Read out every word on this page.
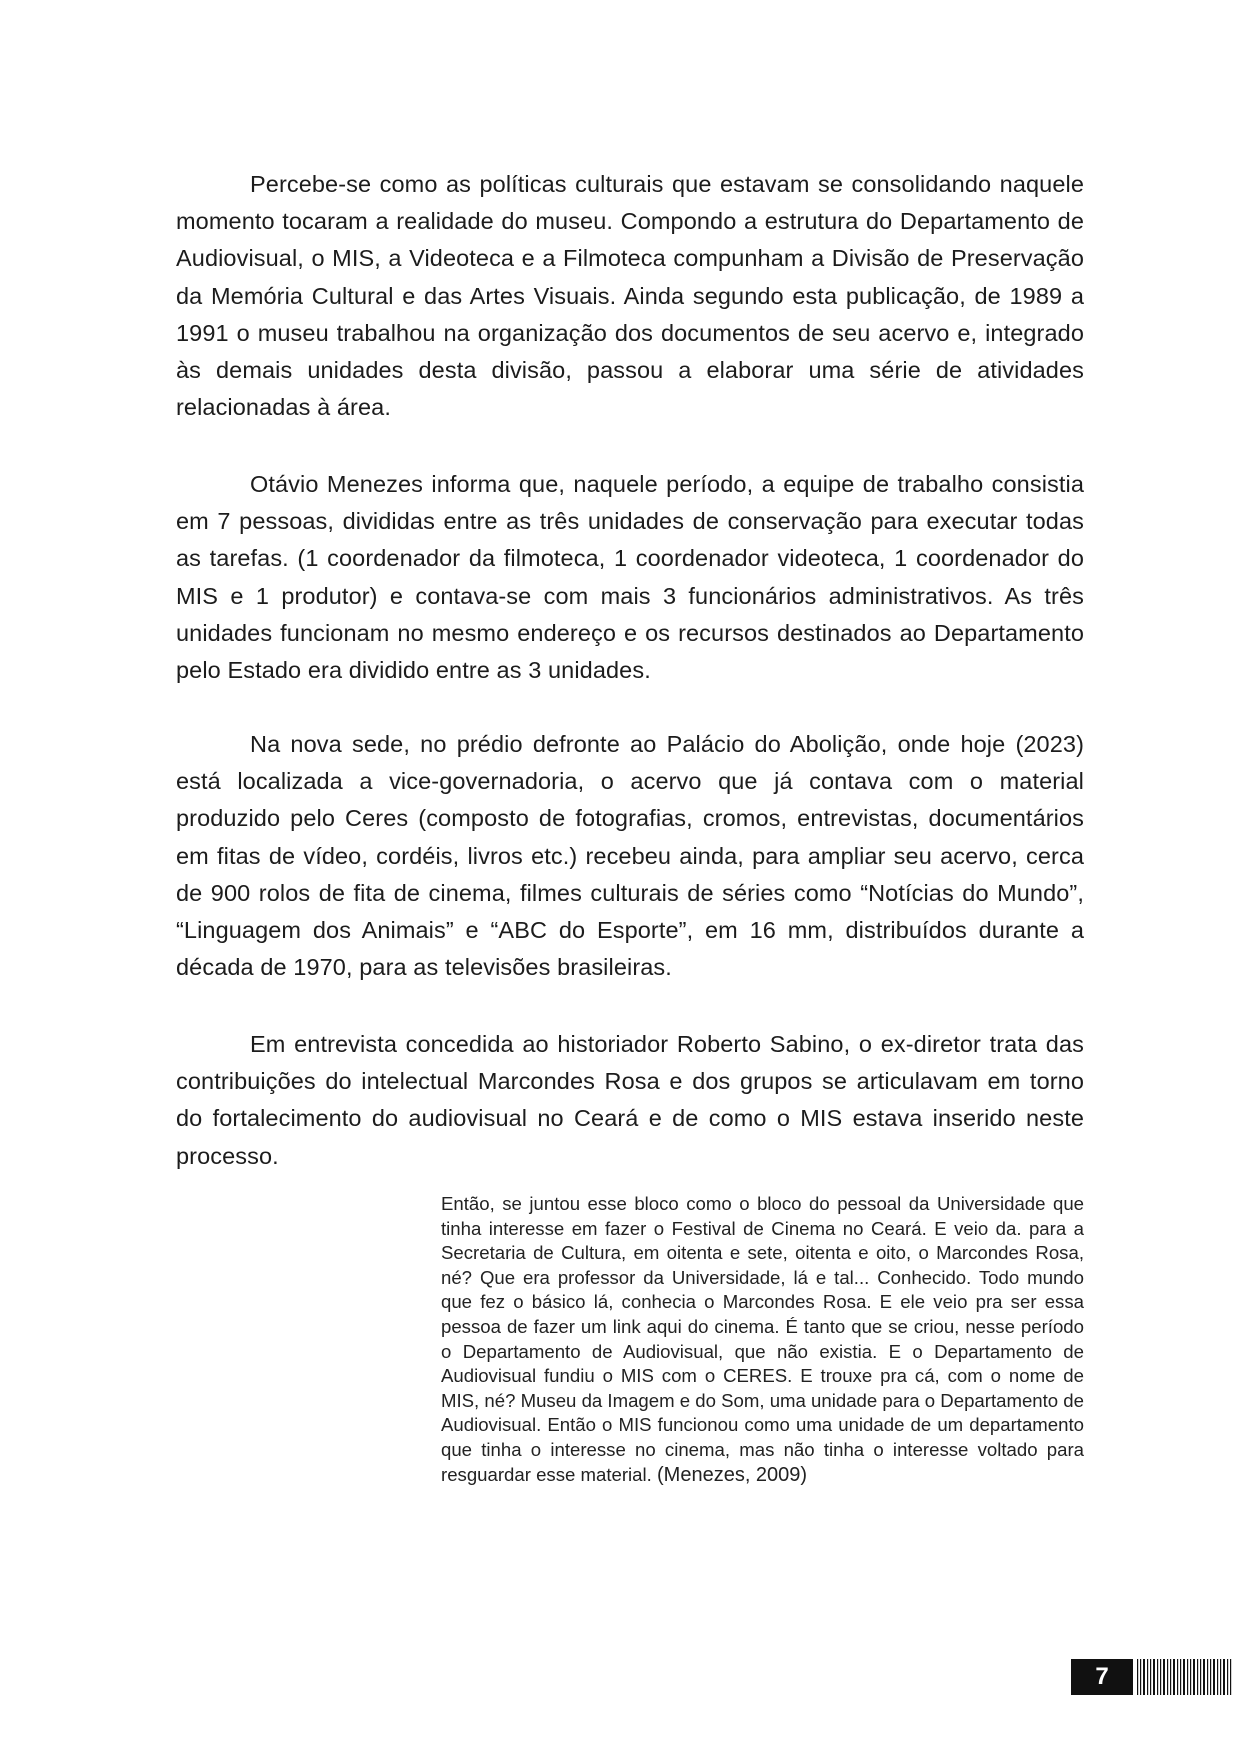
Percebe-se como as políticas culturais que estavam se consolidando naquele momento tocaram a realidade do museu. Compondo a estrutura do Departamento de Audiovisual, o MIS, a Videoteca e a Filmoteca compunham a Divisão de Preservação da Memória Cultural e das Artes Visuais. Ainda segundo esta publicação, de 1989 a 1991 o museu trabalhou na organização dos documentos de seu acervo e, integrado às demais unidades desta divisão, passou a elaborar uma série de atividades relacionadas à área.

Otávio Menezes informa que, naquele período, a equipe de trabalho consistia em 7 pessoas, divididas entre as três unidades de conservação para executar todas as tarefas. (1 coordenador da filmoteca, 1 coordenador videoteca, 1 coordenador do MIS e 1 produtor) e contava-se com mais 3 funcionários administrativos. As três unidades funcionam no mesmo endereço e os recursos destinados ao Departamento pelo Estado era dividido entre as 3 unidades.

Na nova sede, no prédio defronte ao Palácio do Abolição, onde hoje (2023) está localizada a vice-governadoria, o acervo que já contava com o material produzido pelo Ceres (composto de fotografias, cromos, entrevistas, documentários em fitas de vídeo, cordéis, livros etc.) recebeu ainda, para ampliar seu acervo, cerca de 900 rolos de fita de cinema, filmes culturais de séries como “Notícias do Mundo”, “Linguagem dos Animais” e “ABC do Esporte”, em 16 mm, distribuídos durante a década de 1970, para as televisões brasileiras.

Em entrevista concedida ao historiador Roberto Sabino, o ex-diretor trata das contribuições do intelectual Marcondes Rosa e dos grupos se articulavam em torno do fortalecimento do audiovisual no Ceará e de como o MIS estava inserido neste processo.

Então, se juntou esse bloco como o bloco do pessoal da Universidade que tinha interesse em fazer o Festival de Cinema no Ceará. E veio da. para a Secretaria de Cultura, em oitenta e sete, oitenta e oito, o Marcondes Rosa, né? Que era professor da Universidade, lá e tal... Conhecido. Todo mundo que fez o básico lá, conhecia o Marcondes Rosa. E ele veio pra ser essa pessoa de fazer um link aqui do cinema. É tanto que se criou, nesse período o Departamento de Audiovisual, que não existia. E o Departamento de Audiovisual fundiu o MIS com o CERES. E trouxe pra cá, com o nome de MIS, né? Museu da Imagem e do Som, uma unidade para o Departamento de Audiovisual. Então o MIS funcionou como uma unidade de um departamento que tinha o interesse no cinema, mas não tinha o interesse voltado para resguardar esse material. (Menezes, 2009)

7
